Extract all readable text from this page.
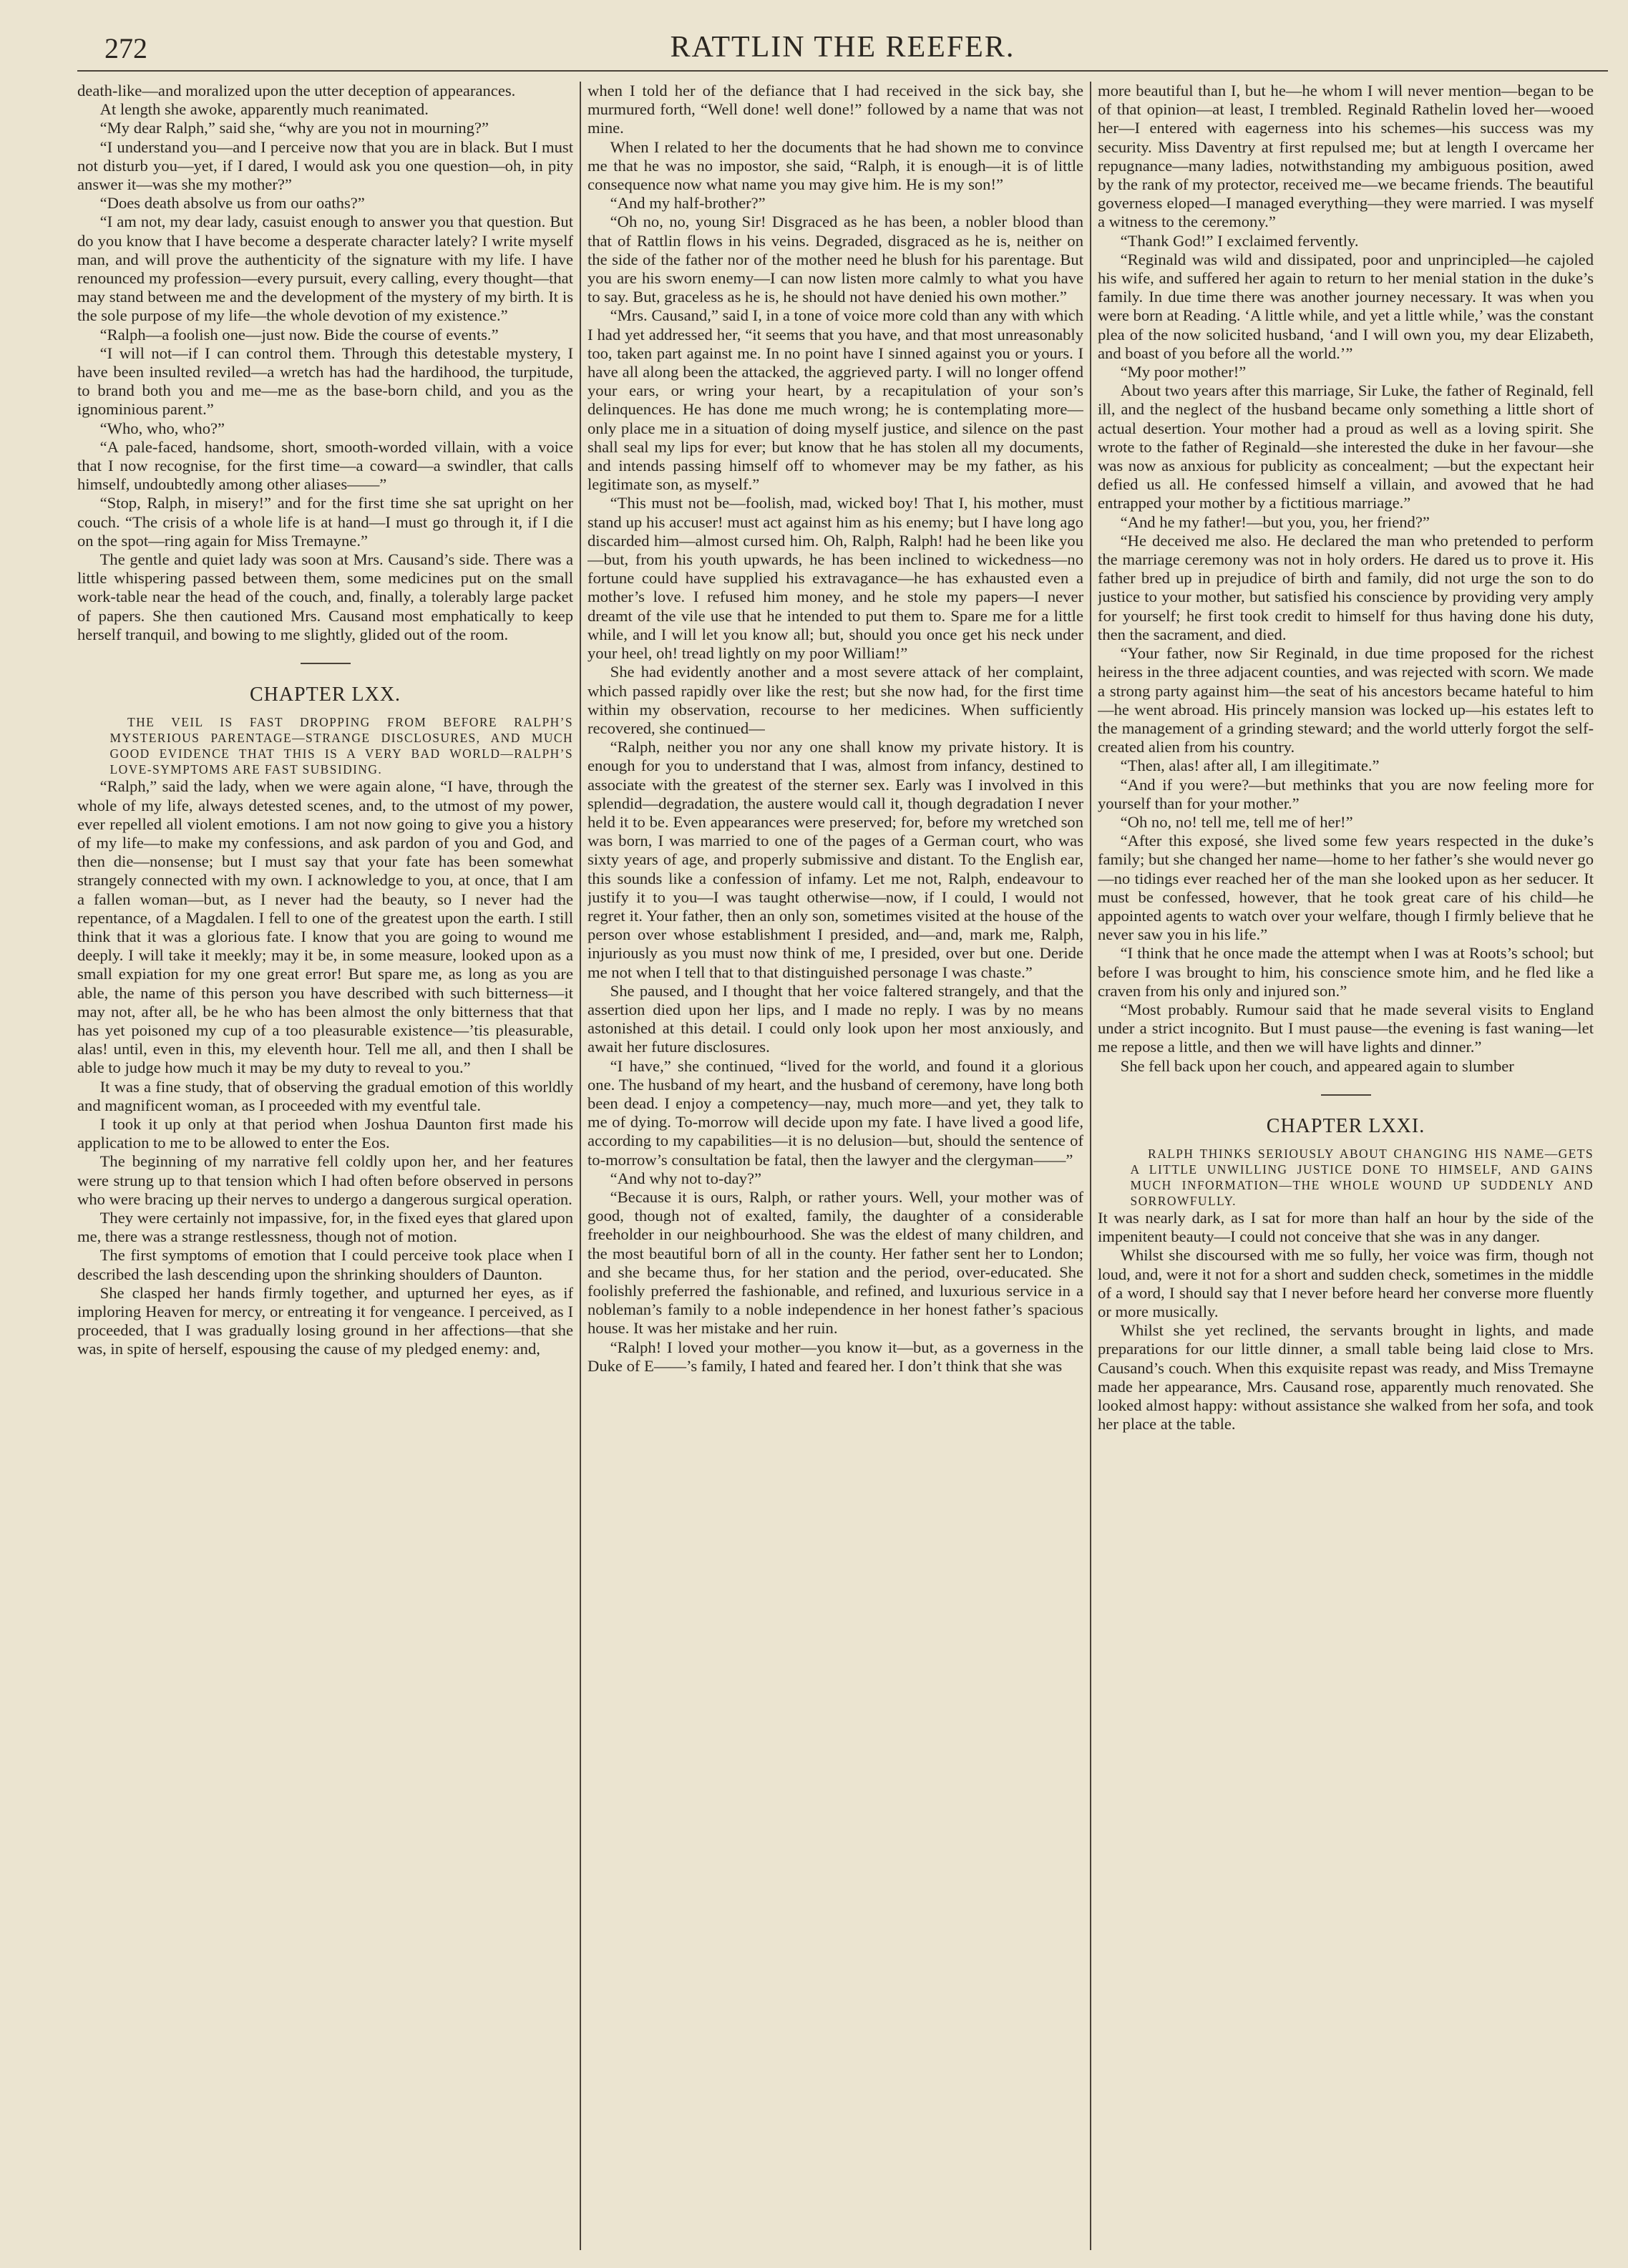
272	RATTLIN THE REEFER.

death-like—and moralized upon the utter deception of appearances.

At length she awoke, apparently much reanimated.

“My dear Ralph,” said she, “why are you not in mourning?”

“I understand you—and I perceive now that you are in black. But I must not disturb you—yet, if I dared, I would ask you one question—oh, in pity answer it—was she my mother?”

“Does death absolve us from our oaths?”

“I am not, my dear lady, casuist enough to answer you that question. But do you know that I have become a desperate character lately? I write myself man, and will prove the authenticity of the signature with my life. I have renounced my profession—every pursuit, every calling, every thought—that may stand between me and the development of the mystery of my birth. It is the sole purpose of my life—the whole devotion of my existence.”

“Ralph—a foolish one—just now. Bide the course of events.”

“I will not—if I can control them. Through this detestable mystery, I have been insulted reviled—a wretch has had the hardihood, the turpitude, to brand both you and me—me as the base-born child, and you as the ignominious parent.”

“Who, who, who?”

“A pale-faced, handsome, short, smooth-worded villain, with a voice that I now recognise, for the first time—a coward—a swindler, that calls himself, undoubtedly among other aliases——”

“Stop, Ralph, in misery!” and for the first time she sat upright on her couch. “The crisis of a whole life is at hand—I must go through it, if I die on the spot—ring again for Miss Tremayne.”

The gentle and quiet lady was soon at Mrs. Causand’s side. There was a little whispering passed between them, some medicines put on the small work-table near the head of the couch, and, finally, a tolerably large packet of papers. She then cautioned Mrs. Causand most emphatically to keep herself tranquil, and bowing to me slightly, glided out of the room.

CHAPTER LXX.

THE VEIL IS FAST DROPPING FROM BEFORE RALPH’S MYSTERIOUS PARENTAGE—STRANGE DISCLOSURES, AND MUCH GOOD EVIDENCE THAT THIS IS A VERY BAD WORLD—RALPH’S LOVE-SYMPTOMS ARE FAST SUBSIDING.

“Ralph,” said the lady, when we were again alone, “I have, through the whole of my life, always detested scenes, and, to the utmost of my power, ever repelled all violent emotions. I am not now going to give you a history of my life—to make my confessions, and ask pardon of you and God, and then die—nonsense; but I must say that your fate has been somewhat strangely connected with my own. I acknowledge to you, at once, that I am a fallen woman—but, as I never had the beauty, so I never had the repentance, of a Magdalen. I fell to one of the greatest upon the earth. I still think that it was a glorious fate. I know that you are going to wound me deeply. I will take it meekly; may it be, in some measure, looked upon as a small expiation for my one great error! But spare me, as long as you are able, the name of this person you have described with such bitterness—it may not, after all, be he who has been almost the only bitterness that that has yet poisoned my cup of a too pleasurable existence—’tis pleasurable, alas! until, even in this, my eleventh hour. Tell me all, and then I shall be able to judge how much it may be my duty to reveal to you.”

It was a fine study, that of observing the gradual emotion of this worldly and magnificent woman, as I proceeded with my eventful tale.

I took it up only at that period when Joshua Daunton first made his application to me to be allowed to enter the Eos.

The beginning of my narrative fell coldly upon her, and her features were strung up to that tension which I had often before observed in persons who were bracing up their nerves to undergo a dangerous surgical operation.

They were certainly not impassive, for, in the fixed eyes that glared upon me, there was a strange restlessness, though not of motion.

The first symptoms of emotion that I could perceive took place when I described the lash descending upon the shrinking shoulders of Daunton.

She clasped her hands firmly together, and upturned her eyes, as if imploring Heaven for mercy, or entreating it for vengeance. I perceived, as I proceeded, that I was gradually losing ground in her affections—that she was, in spite of herself, espousing the cause of my pledged enemy: and,

when I told her of the defiance that I had received in the sick bay, she murmured forth, “Well done! well done!” followed by a name that was not mine.

When I related to her the documents that he had shown me to convince me that he was no impostor, she said, “Ralph, it is enough—it is of little consequence now what name you may give him. He is my son!”

“And my half-brother?”

“Oh no, no, young Sir! Disgraced as he has been, a nobler blood than that of Rattlin flows in his veins. Degraded, disgraced as he is, neither on the side of the father nor of the mother need he blush for his parentage. But you are his sworn enemy—I can now listen more calmly to what you have to say. But, graceless as he is, he should not have denied his own mother.”

“Mrs. Causand,” said I, in a tone of voice more cold than any with which I had yet addressed her, “it seems that you have, and that most unreasonably too, taken part against me. In no point have I sinned against you or yours. I have all along been the attacked, the aggrieved party. I will no longer offend your ears, or wring your heart, by a recapitulation of your son’s delinquences. He has done me much wrong; he is contemplating more—only place me in a situation of doing myself justice, and silence on the past shall seal my lips for ever; but know that he has stolen all my documents, and intends passing himself off to whomever may be my father, as his legitimate son, as myself.”

“This must not be—foolish, mad, wicked boy! That I, his mother, must stand up his accuser! must act against him as his enemy; but I have long ago discarded him—almost cursed him. Oh, Ralph, Ralph! had he been like you—but, from his youth upwards, he has been inclined to wickedness—no fortune could have supplied his extravagance—he has exhausted even a mother’s love. I refused him money, and he stole my papers—I never dreamt of the vile use that he intended to put them to. Spare me for a little while, and I will let you know all; but, should you once get his neck under your heel, oh! tread lightly on my poor William!”

She had evidently another and a most severe attack of her complaint, which passed rapidly over like the rest; but she now had, for the first time within my observation, recourse to her medicines. When sufficiently recovered, she continued—

“Ralph, neither you nor any one shall know my private history. It is enough for you to understand that I was, almost from infancy, destined to associate with the greatest of the sterner sex. Early was I involved in this splendid—degradation, the austere would call it, though degradation I never held it to be. Even appearances were preserved; for, before my wretched son was born, I was married to one of the pages of a German court, who was sixty years of age, and properly submissive and distant. To the English ear, this sounds like a confession of infamy. Let me not, Ralph, endeavour to justify it to you—I was taught otherwise—now, if I could, I would not regret it. Your father, then an only son, sometimes visited at the house of the person over whose establishment I presided, and—and, mark me, Ralph, injuriously as you must now think of me, I presided, over but one. Deride me not when I tell that to that distinguished personage I was chaste.”

She paused, and I thought that her voice faltered strangely, and that the assertion died upon her lips, and I made no reply. I was by no means astonished at this detail. I could only look upon her most anxiously, and await her future disclosures.

“I have,” she continued, “lived for the world, and found it a glorious one. The husband of my heart, and the husband of ceremony, have long both been dead. I enjoy a competency—nay, much more—and yet, they talk to me of dying. To-morrow will decide upon my fate. I have lived a good life, according to my capabilities—it is no delusion—but, should the sentence of to-morrow’s consultation be fatal, then the lawyer and the clergyman——”

“And why not to-day?”

“Because it is ours, Ralph, or rather yours. Well, your mother was of good, though not of exalted, family, the daughter of a considerable freeholder in our neighbourhood. She was the eldest of many children, and the most beautiful born of all in the county. Her father sent her to London; and she became thus, for her station and the period, over-educated. She foolishly preferred the fashionable, and refined, and luxurious service in a nobleman’s family to a noble independence in her honest father’s spacious house. It was her mistake and her ruin.

“Ralph! I loved your mother—you know it—but, as a governess in the Duke of E——’s family, I hated and feared her. I don’t think that she was

more beautiful than I, but he—he whom I will never mention—began to be of that opinion—at least, I trembled. Reginald Rathelin loved her—wooed her—I entered with eagerness into his schemes—his success was my security. Miss Daventry at first repulsed me; but at length I overcame her repugnance—many ladies, notwithstanding my ambiguous position, awed by the rank of my protector, received me—we became friends. The beautiful governess eloped—I managed everything—they were married. I was myself a witness to the ceremony.”

“Thank God!” I exclaimed fervently.

“Reginald was wild and dissipated, poor and unprincipled—he cajoled his wife, and suffered her again to return to her menial station in the duke’s family. In due time there was another journey necessary. It was when you were born at Reading. ‘A little while, and yet a little while,’ was the constant plea of the now solicited husband, ‘and I will own you, my dear Elizabeth, and boast of you before all the world.’”

“My poor mother!”

About two years after this marriage, Sir Luke, the father of Reginald, fell ill, and the neglect of the husband became only something a little short of actual desertion. Your mother had a proud as well as a loving spirit. She wrote to the father of Reginald—she interested the duke in her favour—she was now as anxious for publicity as concealment; —but the expectant heir defied us all. He confessed himself a villain, and avowed that he had entrapped your mother by a fictitious marriage.”

“And he my father!—but you, you, her friend?”

“He deceived me also. He declared the man who pretended to perform the marriage ceremony was not in holy orders. He dared us to prove it. His father bred up in prejudice of birth and family, did not urge the son to do justice to your mother, but satisfied his conscience by providing very amply for yourself; he first took credit to himself for thus having done his duty, then the sacrament, and died.

“Your father, now Sir Reginald, in due time proposed for the richest heiress in the three adjacent counties, and was rejected with scorn. We made a strong party against him—the seat of his ancestors became hateful to him—he went abroad. His princely mansion was locked up—his estates left to the management of a grinding steward; and the world utterly forgot the self-created alien from his country.

“Then, alas! after all, I am illegitimate.”

“And if you were?—but methinks that you are now feeling more for yourself than for your mother.”

“Oh no, no! tell me, tell me of her!”

“After this exposé, she lived some few years respected in the duke’s family; but she changed her name—home to her father’s she would never go—no tidings ever reached her of the man she looked upon as her seducer. It must be confessed, however, that he took great care of his child—he appointed agents to watch over your welfare, though I firmly believe that he never saw you in his life.”

“I think that he once made the attempt when I was at Roots’s school; but before I was brought to him, his conscience smote him, and he fled like a craven from his only and injured son.”

“Most probably. Rumour said that he made several visits to England under a strict incognito. But I must pause—the evening is fast waning—let me repose a little, and then we will have lights and dinner.”

She fell back upon her couch, and appeared again to slumber

CHAPTER LXXI.

RALPH THINKS SERIOUSLY ABOUT CHANGING HIS NAME—GETS A LITTLE UNWILLING JUSTICE DONE TO HIMSELF, AND GAINS MUCH INFORMATION—THE WHOLE WOUND UP SUDDENLY AND SORROWFULLY.

It was nearly dark, as I sat for more than half an hour by the side of the impenitent beauty—I could not conceive that she was in any danger.

Whilst she discoursed with me so fully, her voice was firm, though not loud, and, were it not for a short and sudden check, sometimes in the middle of a word, I should say that I never before heard her converse more fluently or more musically.

Whilst she yet reclined, the servants brought in lights, and made preparations for our little dinner, a small table being laid close to Mrs. Causand’s couch. When this exquisite repast was ready, and Miss Tremayne made her appearance, Mrs. Causand rose, apparently much renovated. She looked almost happy: without assistance she walked from her sofa, and took her place at the table.
